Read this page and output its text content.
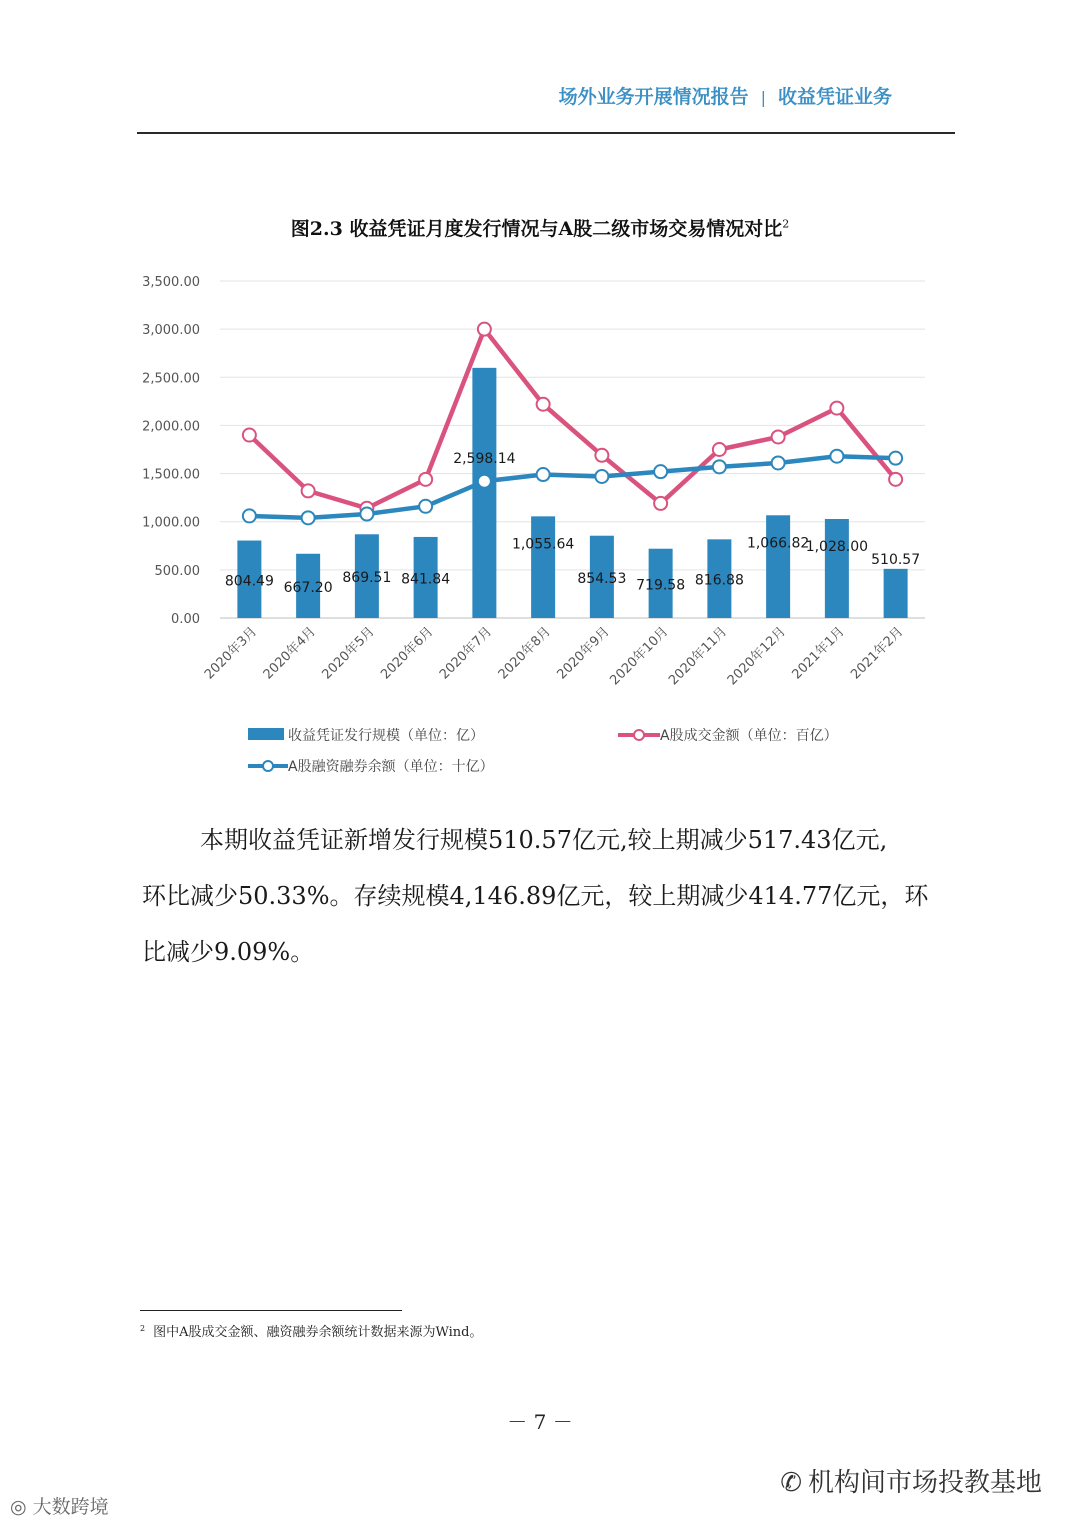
场外业务开展情况报告 | 收益凭证业务
图2.3 收益凭证月度发行情况与A股二级市场交易情况对比$^2$
0.00
500.00
1,000.00
1,500.00
2,000.00
2,500.00
3,000.00
3,500.00
2020年3月 2020年4月 2020年5月 2020年6月 2020年7月 2020年8月 2020年9月
2020年10月
2020年11月
2020年12月 2021年1月 2021年2月
804.49 667.20
869.51 841.84
2,598.14
1,055.64
854.53 719.58 816.88
1,066.82
1,028.00
510.57
收益凭证发行规模（单位：亿）	A股成交金额（单位：百亿）
A股融资融券余额（单位：十亿）

本期收益凭证新增发行规模510.57亿元,较上期减少517.43亿元,

环比减少50.33%。存续规模4,146.89亿元，较上期减少414.77亿元，环

比减少9.09%。

$^2$ 图中A股成交金额、融资融券余额统计数据来源为Wind。
－ 7 －
✆ 机构间市场投教基地
◎ 大数跨境
